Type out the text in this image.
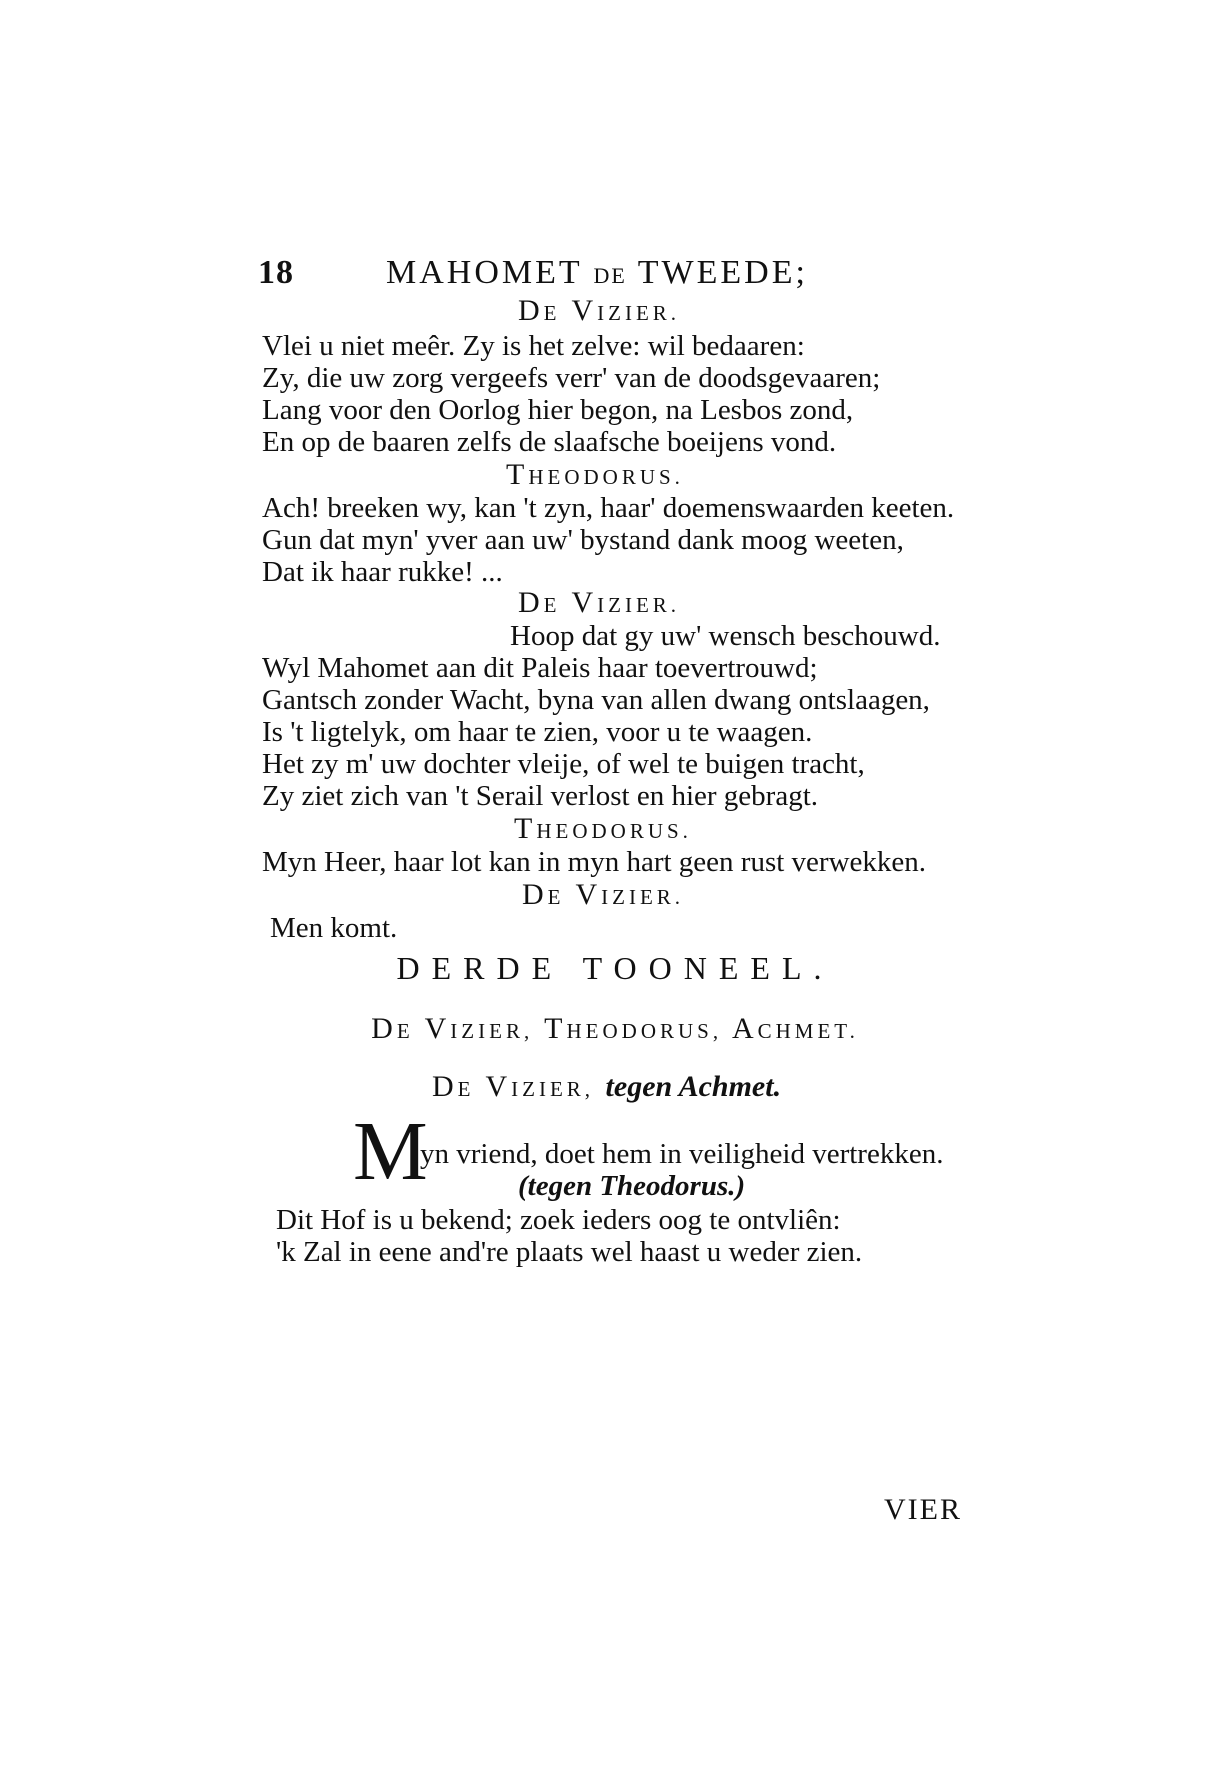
18	MAHOMET DE TWEEDE;
DE VIZIER.
Vlei u niet meêr. Zy is het zelve: wil bedaaren:
Zy, die uw zorg vergeefs verr' van de doodsgevaaren;
Lang voor den Oorlog hier begon, na Lesbos zond,
En op de baaren zelfs de slaafsche boeijens vond.
THEODORUS.
Ach! breeken wy, kan 't zyn, haar' doemenswaarden keeten.
Gun dat myn' yver aan uw' bystand dank moog weeten,
Dat ik haar rukke! ...
DE VIZIER.
Hoop dat gy uw' wensch beschouwd.
Wyl Mahomet aan dit Paleis haar toevertrouwd;
Gantsch zonder Wacht, byna van allen dwang ontslaagen,
Is 't ligtelyk, om haar te zien, voor u te waagen.
Het zy m' uw dochter vleije, of wel te buigen tracht,
Zy ziet zich van 't Serail verlost en hier gebragt.
THEODORUS.
Myn Heer, haar lot kan in myn hart geen rust verwekken.
DE VIZIER.
Men komt.
DERDE TOONEEL.
DE VIZIER, THEODORUS, ACHMET.
DE VIZIER, tegen Achmet.
M
yn vriend, doet hem in veiligheid vertrekken.
(tegen Theodorus.)
Dit Hof is u bekend; zoek ieders oog te ontvliên:
'k Zal in eene and're plaats wel haast u weder zien.
VIER
